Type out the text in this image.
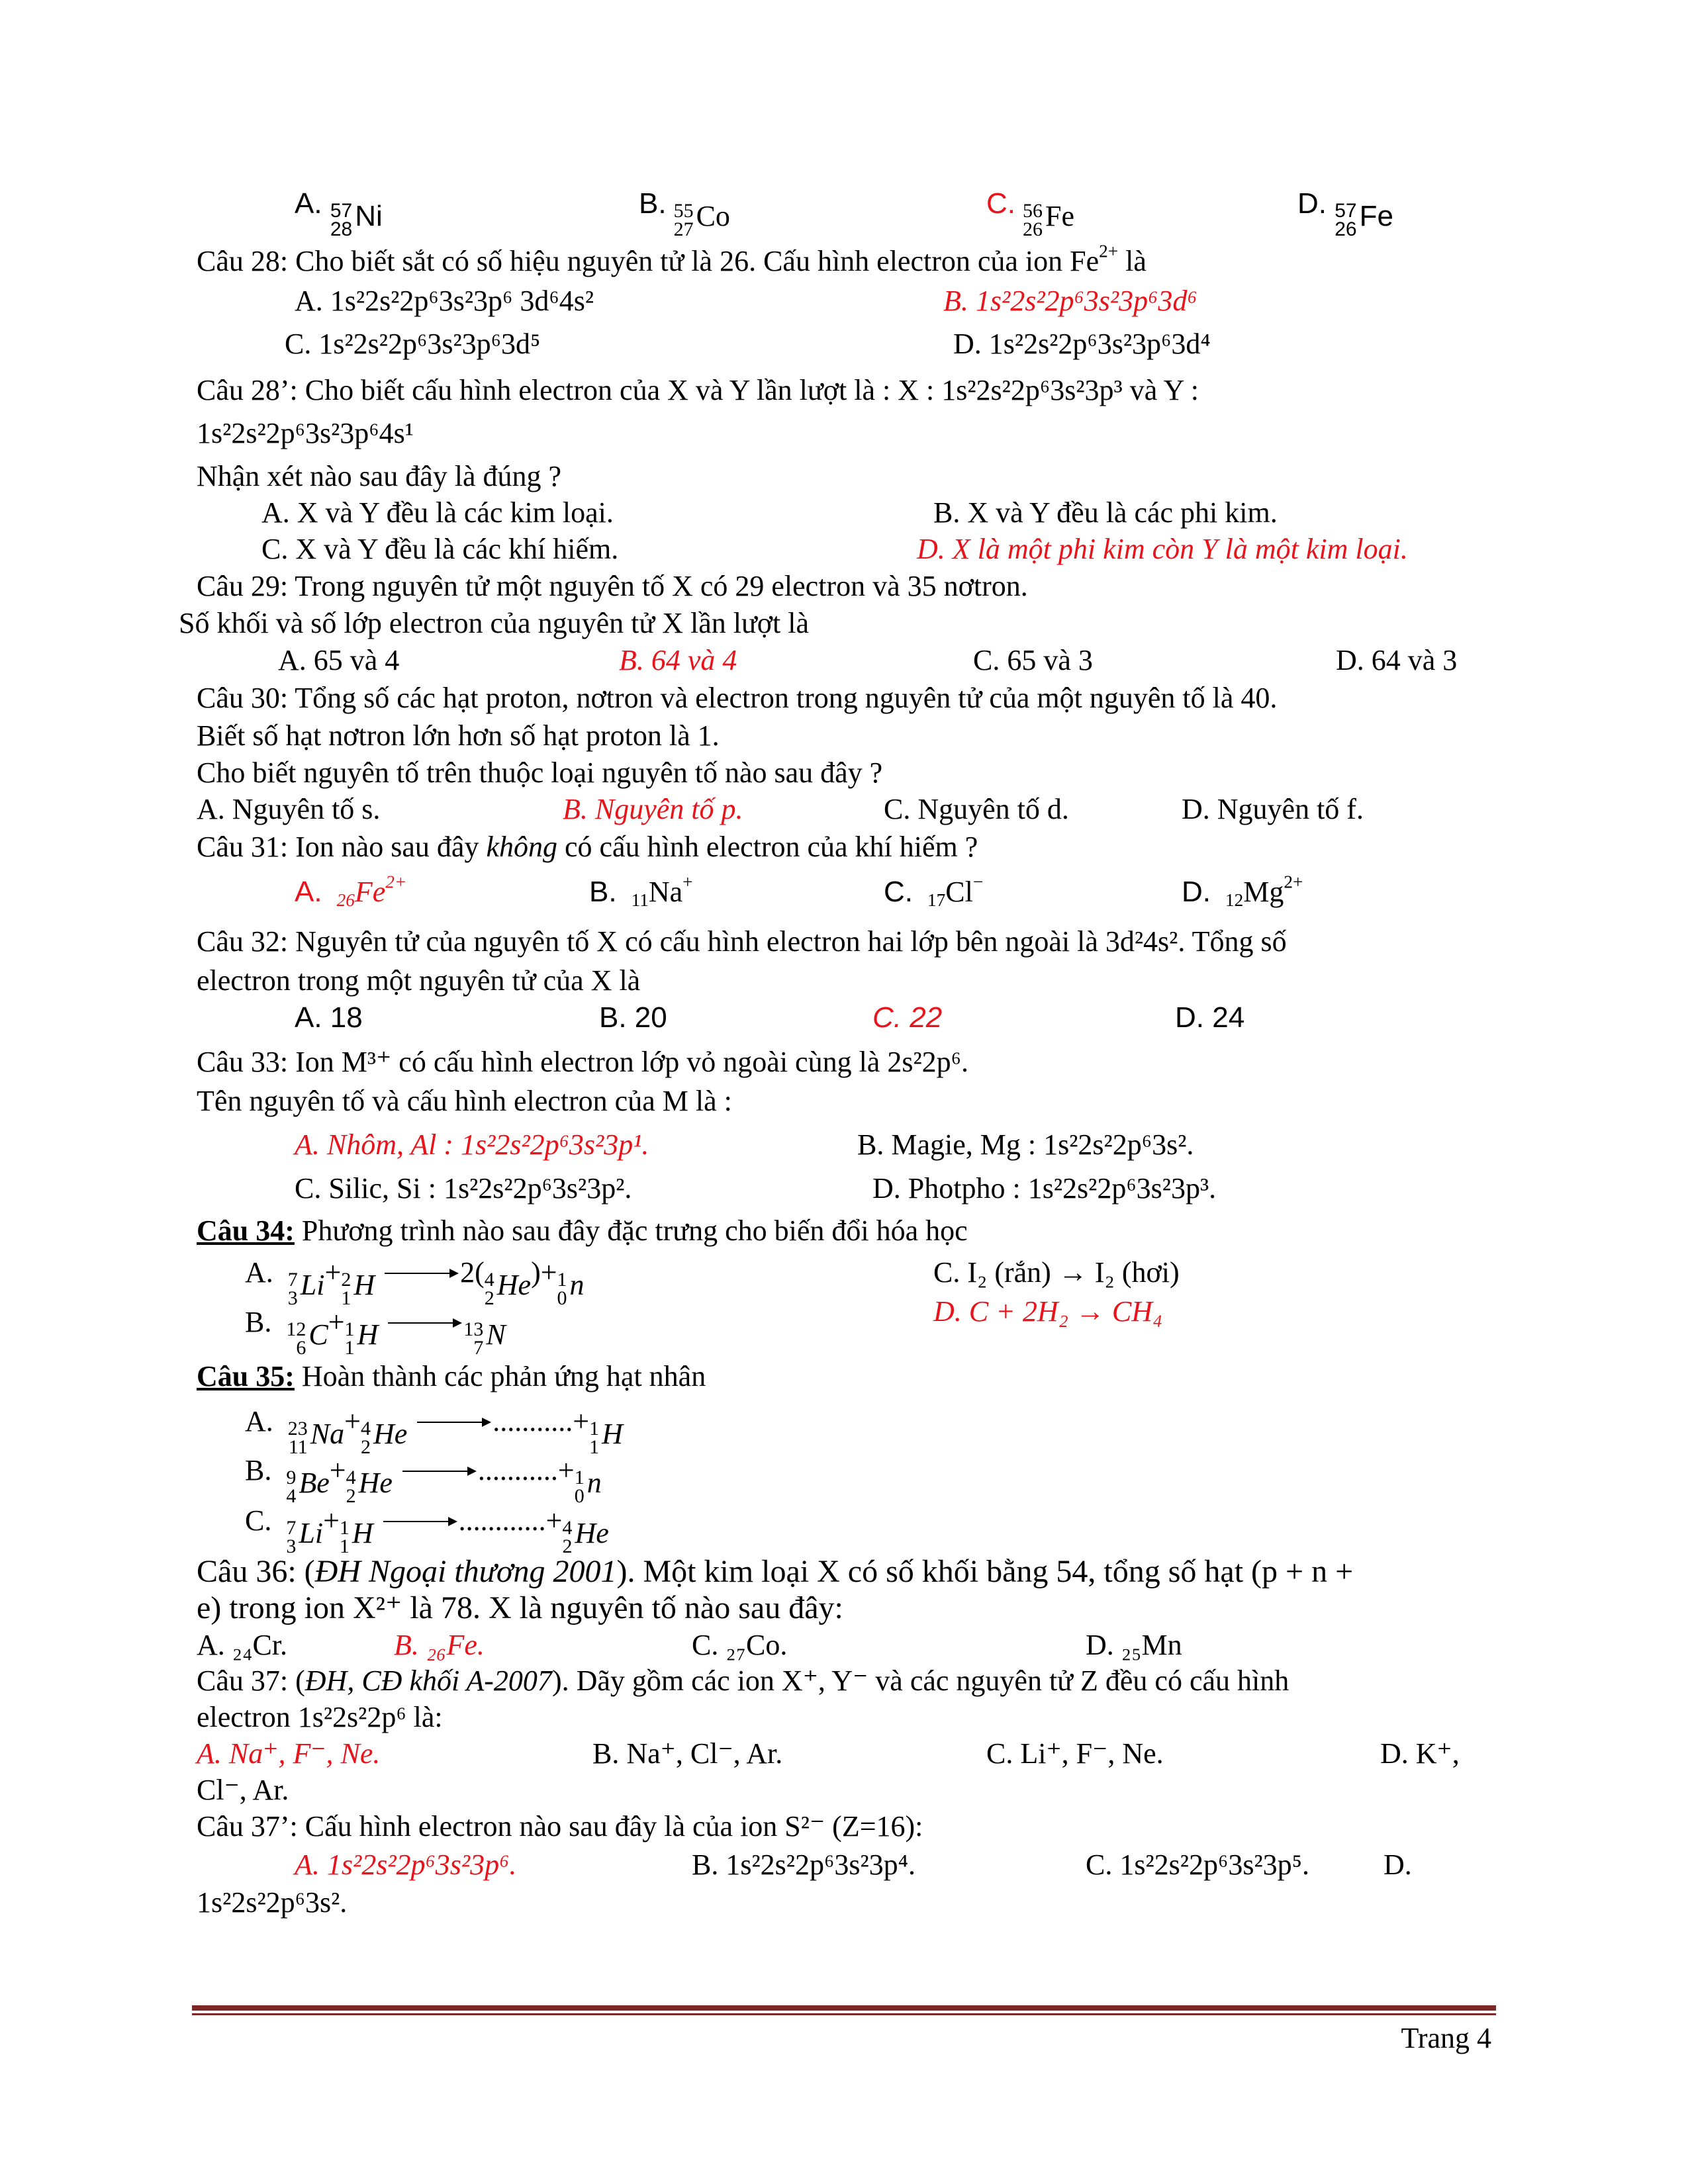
A. 57
28 Ni	B. 55
27 Co	C. 56
26 Fe	D. 57
26 Fe
Câu 28: Cho biết sắt có số hiệu nguyên tử là 26. Cấu hình electron của ion $Fe^{2+}$ là
A. 1s²2s²2p⁶3s²3p⁶ 3d⁶4s²	B. 1s²2s²2p⁶3s²3p⁶3d⁶
C. 1s²2s²2p⁶3s²3p⁶3d⁵	D. 1s²2s²2p⁶3s²3p⁶3d⁴
Câu 28’: Cho biết cấu hình electron của X và Y lần lượt là : X : 1s²2s²2p⁶3s²3p³ và Y :
1s²2s²2p⁶3s²3p⁶4s¹
Nhận xét nào sau đây là đúng ?
A. X và Y đều là các kim loại.	B. X và Y đều là các phi kim.
C. X và Y đều là các khí hiếm.	D. X là một phi kim còn Y là một kim loại.
Câu 29: Trong nguyên tử một nguyên tố X có 29 electron và 35 nơtron.
Số khối và số lớp electron của nguyên tử X lần lượt là
A. 65 và 4	B. 64 và 4	C. 65 và 3	D. 64 và 3
Câu 30: Tổng số các hạt proton, nơtron và electron trong nguyên tử của một nguyên tố là 40.
Biết số hạt nơtron lớn hơn số hạt proton là 1.
Cho biết nguyên tố trên thuộc loại nguyên tố nào sau đây ?
A. Nguyên tố s.	B. Nguyên tố p.	C. Nguyên tố d.	D. Nguyên tố f.
Câu 31: Ion nào sau đây không có cấu hình electron của khí hiếm ?
A. $_{26}Fe^{2+}$	B. $_{11}$Na+	C. $_{17}$Cl−	D. $_{12}Mg^{2+}$
Câu 32: Nguyên tử của nguyên tố X có cấu hình electron hai lớp bên ngoài là 3d²4s². Tổng số
electron trong một nguyên tử của X là
A. 18	B. 20	C. 22	D. 24
Câu 33: Ion M³⁺ có cấu hình electron lớp vỏ ngoài cùng là 2s²2p⁶.
Tên nguyên tố và cấu hình electron của M là :
A. Nhôm, Al : 1s²2s²2p⁶3s²3p¹.	B. Magie, Mg : 1s²2s²2p⁶3s².
C. Silic, Si : 1s²2s²2p⁶3s²3p².	D. Photpho : 1s²2s²2p⁶3s²3p³.
Câu 34: Phương trình nào sau đây đặc trưng cho biến đổi hóa học
A. 7
3 Li + 2
1 H	2( 4
2 He )+ 1
0 n	C. I₂ (rắn) → I₂ (hơi)
D. C + 2H₂ → CH₄
B. 12
6 C + 1
1 H
	13
7 N
Câu 35: Hoàn thành các phản ứng hạt nhân
A. 23
11 Na + 4
2 He	...........+ 1
1 H
B. 9
4 Be + 4
2 He	...........+ 1
0 n
C. 7
3 Li + 1
1 H	............+ 4
2 He
Câu 36: (ĐH Ngoại thương 2001). Một kim loại X có số khối bằng 54, tổng số hạt (p + n +
e) trong ion X²⁺ là 78. X là nguyên tố nào sau đây:
A. ₂₄Cr.	B. ₂₆Fe.	C. ₂₇Co.	D. ₂₅Mn
Câu 37: (ĐH, CĐ khối A-2007). Dãy gồm các ion X⁺, Y⁻ và các nguyên tử Z đều có cấu hình
electron 1s²2s²2p⁶ là:
A. Na⁺, F⁻, Ne.	B. Na⁺, Cl⁻, Ar.	C. Li⁺, F⁻, Ne.	D. K⁺,
Cl⁻, Ar.
Câu 37’: Cấu hình electron nào sau đây là của ion S²⁻ (Z=16):
A. 1s²2s²2p⁶3s²3p⁶.	B. 1s²2s²2p⁶3s²3p⁴.	C. 1s²2s²2p⁶3s²3p⁵.	D.
1s²2s²2p⁶3s².
Trang 4
